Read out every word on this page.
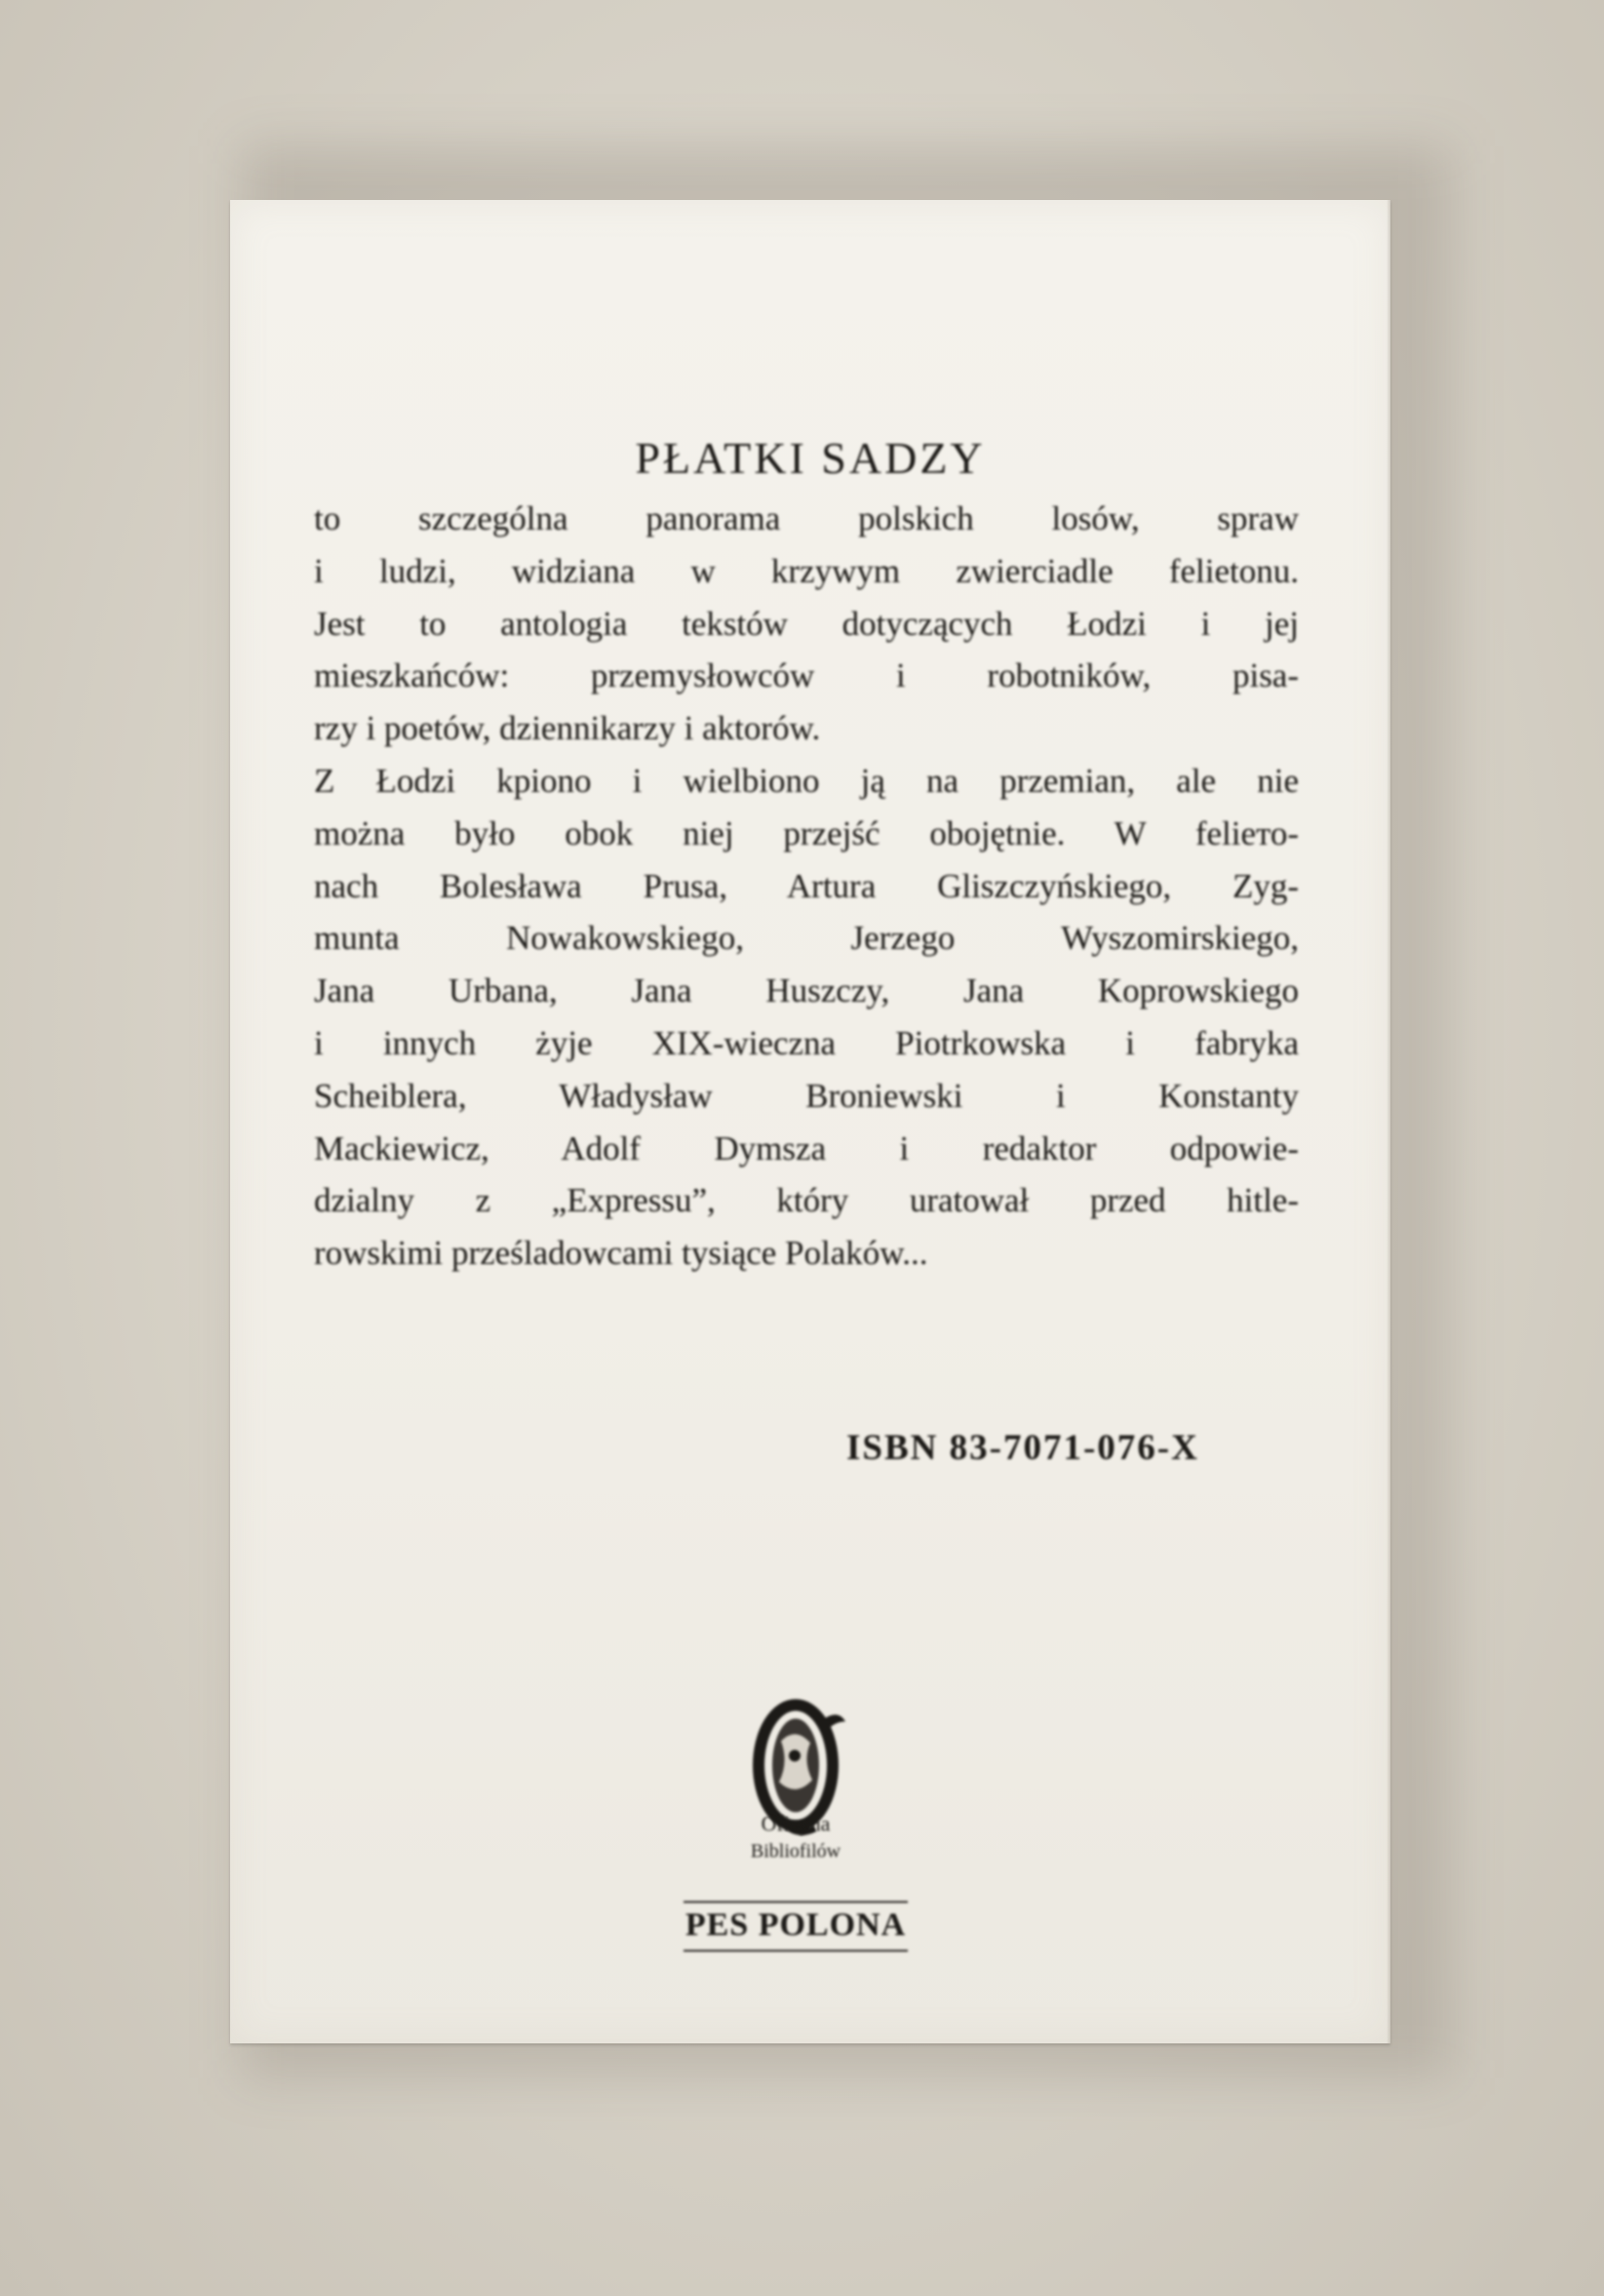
PŁATKI SADZY
to szczególna panorama polskich losów, spraw
i ludzi, widziana w krzywym zwierciadle felietonu.
Jest to antologia tekstów dotyczących Łodzi i jej
mieszkańców: przemysłowców i robotników, pisa-
rzy i poetów, dziennikarzy i aktorów.
Z Łodzi kpiono i wielbiono ją na przemian, ale nie
można było obok niej przejść obojętnie. W feliето-
nach Bolesława Prusa, Artura Gliszczyńskiego, Zyg-
munta Nowakowskiego, Jerzego Wyszomirskiego,
Jana Urbana, Jana Huszczy, Jana Koprowskiego
i innych żyje XIX-wieczna Piotrkowska i fabryka
Scheiblera, Władysław Broniewski i Konstanty
Mackiewicz, Adolf Dymsza i redaktor odpowie-
dzialny z „Expressu”, który uratował przed hitle-
rowskimi prześladowcami tysiące Polaków...

ISBN 83-7071-076-X

Oficyna

Bibliofilów

PES POLONA
